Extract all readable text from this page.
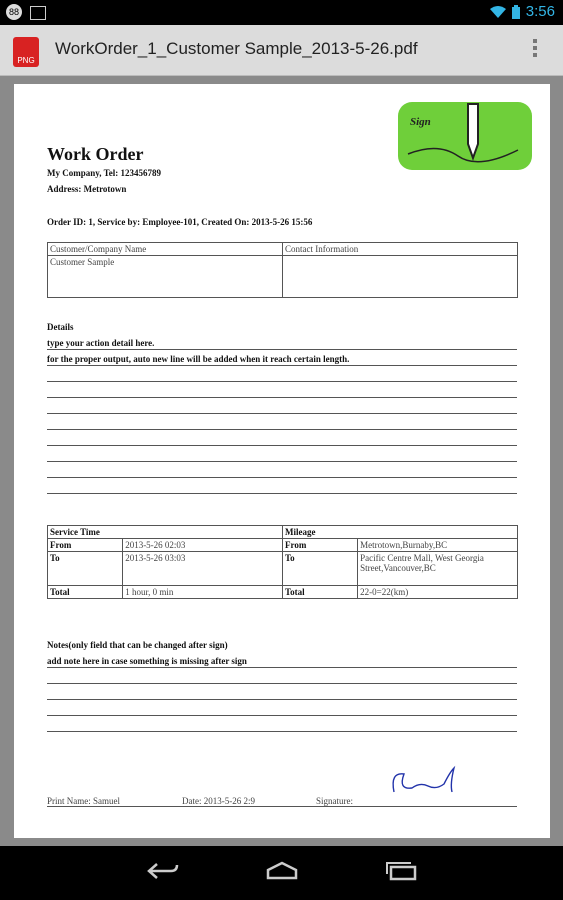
88	3:56
PNG
WorkOrder_1_Customer Sample_2013-5-26.pdf
Sign
Work Order
My Company, Tel: 123456789
Address: Metrotown
Order ID: 1, Service by: Employee-101, Created On: 2013-5-26 15:56
Customer/Company Name	Contact Information
Customer Sample	
Details
type your action detail here.
for the proper output, auto new line will be added when it reach certain length.
Service Time		Mileage	
From	2013-5-26 02:03	From	Metrotown,Burnaby,BC
To	2013-5-26 03:03	To	Pacific Centre Mall, West Georgia Street,Vancouver,BC
Total	1 hour, 0 min	Total	22-0=22(km)
Notes(only field that can be changed after sign)
add note here in case something is missing after sign
Print Name: Samuel	Date: 2013-5-26 2:9	Signature:
